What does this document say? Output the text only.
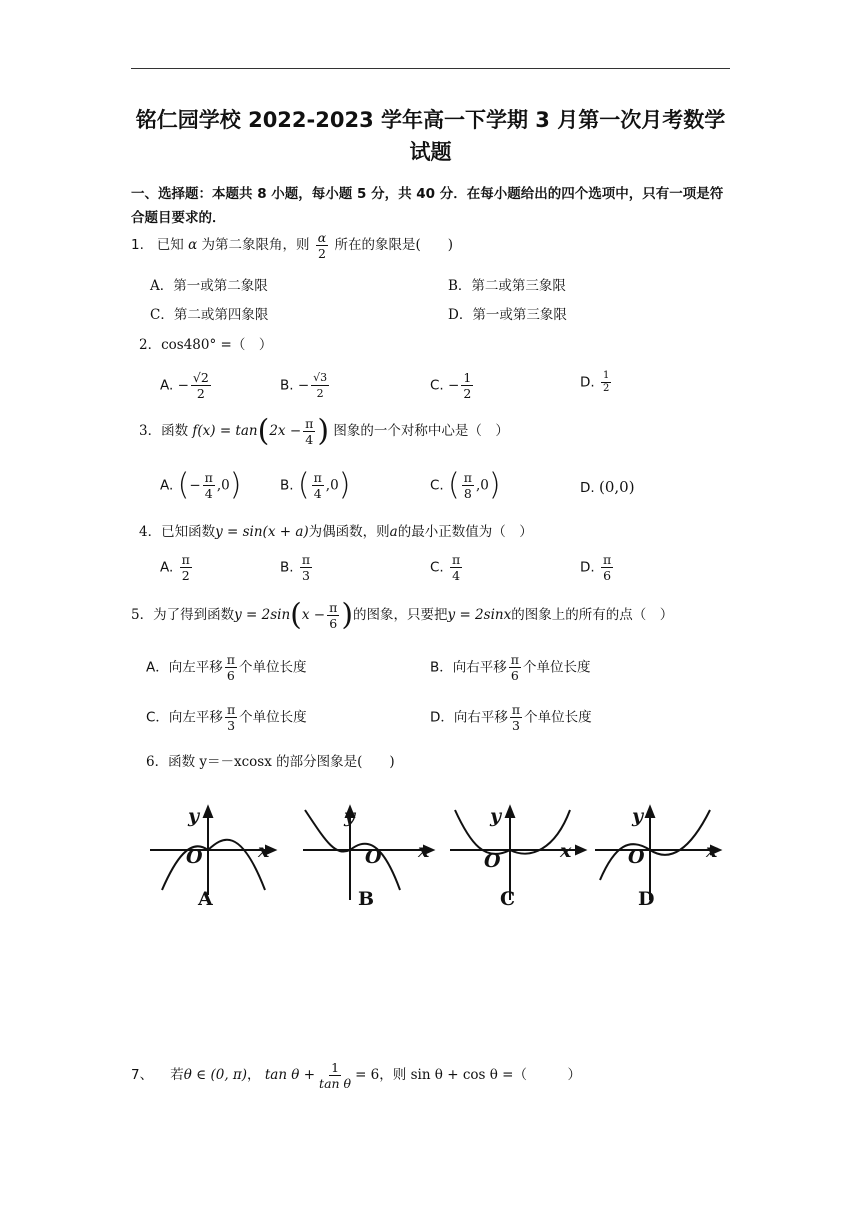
铭仁园学校 2022-2023 学年高一下学期 3 月第一次月考数学
试题
一、选择题：本题共 8 小题，每小题 5 分，共 40 分．在每小题给出的四个选项中，只有一项是符合题目要求的．
1. 已知 α 为第二象限角，则 $\frac{\alpha}{2}$ 所在的象限是(　　)
A．第一或第二象限	B．第二或第三象限
C．第二或第四象限	D．第一或第三象限
2．cos480° =（　）
A. − $\frac{√2}{2}$	B. − $\frac{√3}{2}$	C. − $\frac{1}{2}$	D. $\frac{1}{2}$
3．函数 $f(x) = \tan(2x - \frac{\pi}{4}$ ) 图象的一个对称中心是（　）
A. (− $\frac{\pi}{4} ,0$)	B. ( $\frac{\pi}{4} ,0$)	C. ( $\frac{\pi}{8} ,0$)	D. (0,0)
4．已知函数y = sin(x + a)为偶函数，则a的最小正数值为（　）
A. $\frac{\pi}{2}$	B. $\frac{\pi}{3}$	C. $\frac{\pi}{4}$	D. $\frac{\pi}{6}$
5．为了得到函数$y = 2\sin(x - \frac{\pi}{6}$ )的图象，只要把y = 2sinx的图象上的所有的点（　）
A．向左平移 $\frac{\pi}{6}$ 个单位长度	B．向右平移 $\frac{\pi}{6}$ 个单位长度
C．向左平移 $\frac{\pi}{3}$ 个单位长度	D．向右平移 $\frac{\pi}{3}$ 个单位长度
6．函数 y＝－xcosx 的部分图象是(　　)
y
x
O
y
x
O
y
x
O
y
x
O
A	B	C	D
7、 若θ ∈ (0, π)， $\tan \theta + \frac{1}{\text{tan θ}} = 6$，则 sin θ + cos θ =（　　　）
